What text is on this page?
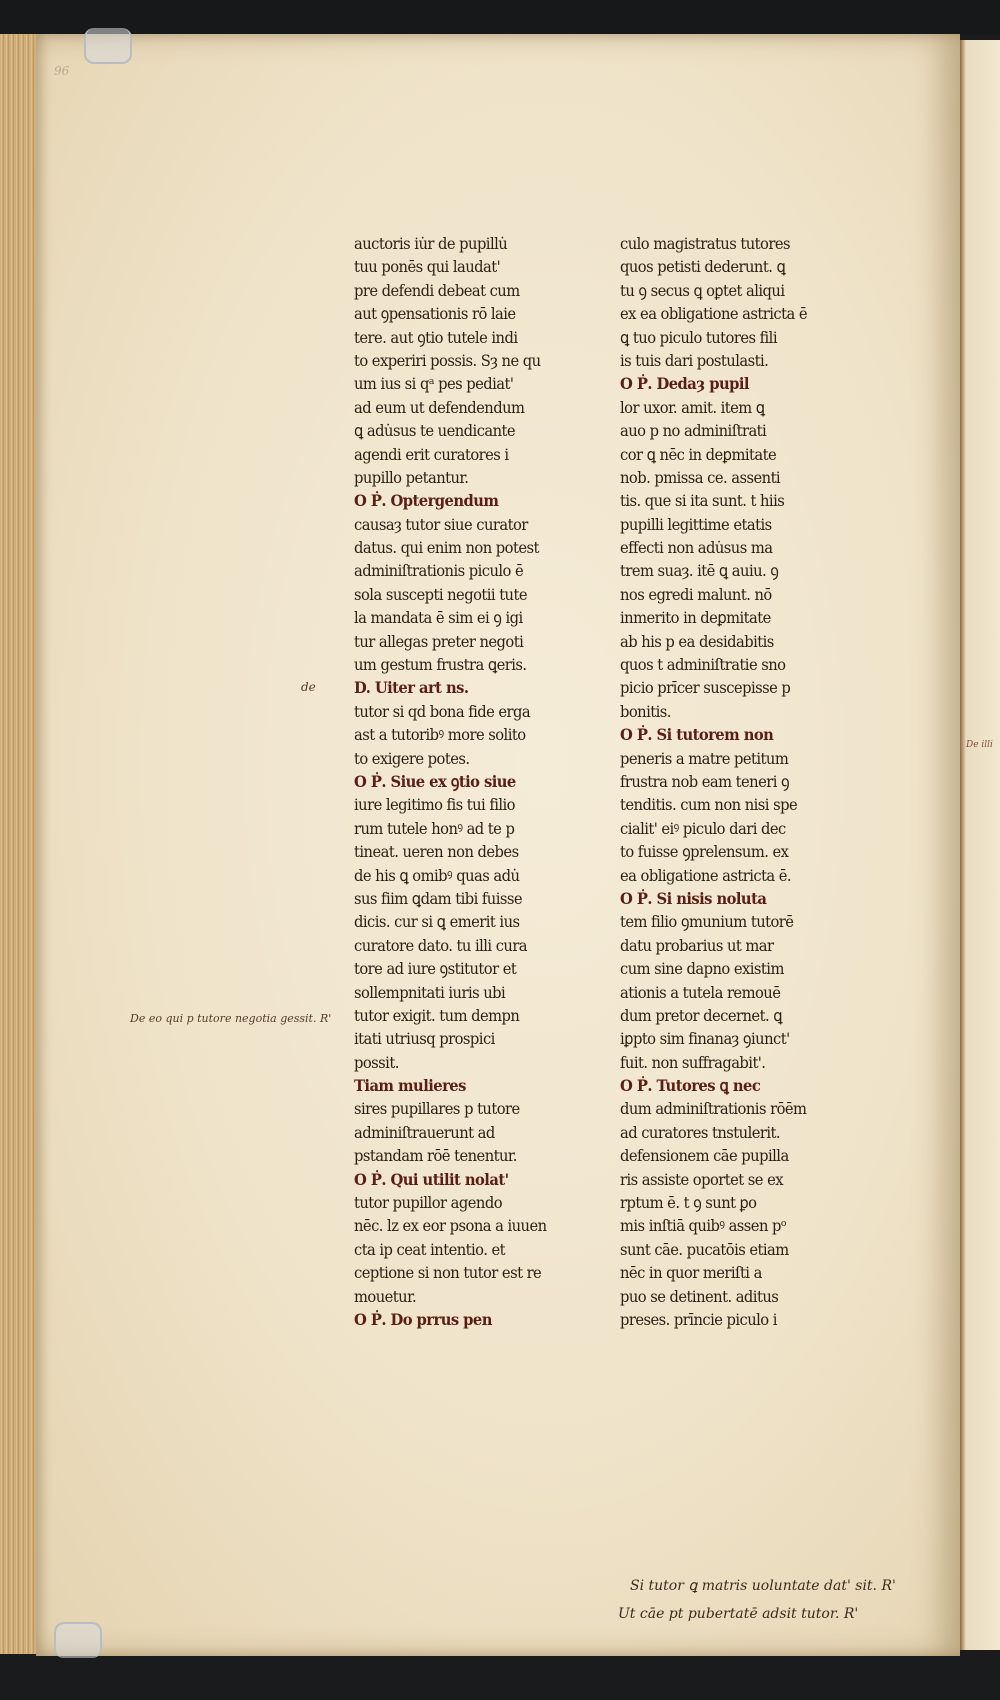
96
auctoris iu̇r de pupillu̇
tuu ponēs qui laudat'
pre defendi debeat cum
aut ꝯpensationis rō laie
tere. aut ꝯtio tutele indi
to experiri possis. Sȝ ne qu
um ius si qᵃ pes pediat'
ad eum ut defendendum
ꝗ adu̇sus te uendicante
agendi erit curatores i
pupillo petantur.
O Ṗ. Optergendum
causaȝ tutor siue curator
datus. qui enim non potest
adminiſtrationis piculo ē
sola suscepti negotii tute
la mandata ē sim ei ꝯ igi
tur allegas preter negoti
um gestum frustra ꝗeris.
D. Uiter art ns.
tutor si qd bona fide erga
ast a tutoribꝰ more solito
to exigere potes.
O Ṗ. Siue ex ꝯtio siue
iure legitimo fis tui filio
rum tutele honꝰ ad te p
tineat. ueren non debes
de his ꝗ omibꝰ quas adu̇
sus fiim ꝗdam tibi fuisse
dicis. cur si ꝗ emerit ius
curatore dato. tu illi cura
tore ad iure ꝯstitutor et
sollempnitati iuris ubi
tutor exigit. tum dempn
itati utriusq prospici
possit.
Tiam mulieres
sires pupillares p tutore
adminiſtrauerunt ad
pstandam rōē tenentur.
O Ṗ. Qui utilit nolat'
tutor pupillor agendo
nēc. lz ex eor psona a iuuen
cta ip ceat intentio. et
ceptione si non tutor est re
mouetur.
O Ṗ. Do prrus pen
culo magistratus tutores
quos petisti dederunt. ꝗ
tu ꝯ secus ꝗ oꝑtet aliqui
ex ea obligatione astricta ē
ꝗ tuo piculo tutores fili
is tuis dari postulasti.
O Ṗ. Dedaȝ pupil
lor uxor. amit. item ꝗ
auo p no adminiſtrati
cor ꝗ nēc in deꝑmitate
nob. pmissa ce. assenti
tis. que si ita sunt. t hiis
pupilli legittime etatis
effecti non adu̇sus ma
trem suaȝ. itē ꝗ auiu. ꝯ
nos egredi malunt. nō
inmerito in deꝑmitate
ab his p ea desidabitis
quos t adminiſtratie sno
picio prīcer suscepisse p
bonitis.
O Ṗ. Si tutorem non
peneris a matre petitum
frustra nob eam teneri ꝯ
tenditis. cum non nisi spe
cialit' eiꝰ piculo dari dec
to fuisse ꝯprelensum. ex
ea obligatione astricta ē.
O Ṗ. Si nisis noluta
tem filio ꝯmunium tutorē
datu probarius ut mar
cum sine dapno existim
ationis a tutela remouē
dum pretor decernet. ꝗ
iꝑpto sim finanaȝ ꝯiunct'
fuit. non suffragabit'.
O Ṗ. Tutores ꝗ nec
dum adminiſtrationis rōēm
ad curatores tnstulerit.
defensionem cāe pupilla
ris assiste oportet se ex
rptum ē. t ꝯ sunt ꝑo
mis inſtiā quibꝰ assen pᵒ
sunt cāe. pucatōis etiam
nēc in quor meriſti a
puo se detinent. aditus
preses. prīncie piculo i
de
De eo qui p tutore negotia gessit. R'
De illi
Si tutor ꝗ matris uoluntate dat' sit. R'
Ut cāe pt pubertatē adsit tutor. R'
